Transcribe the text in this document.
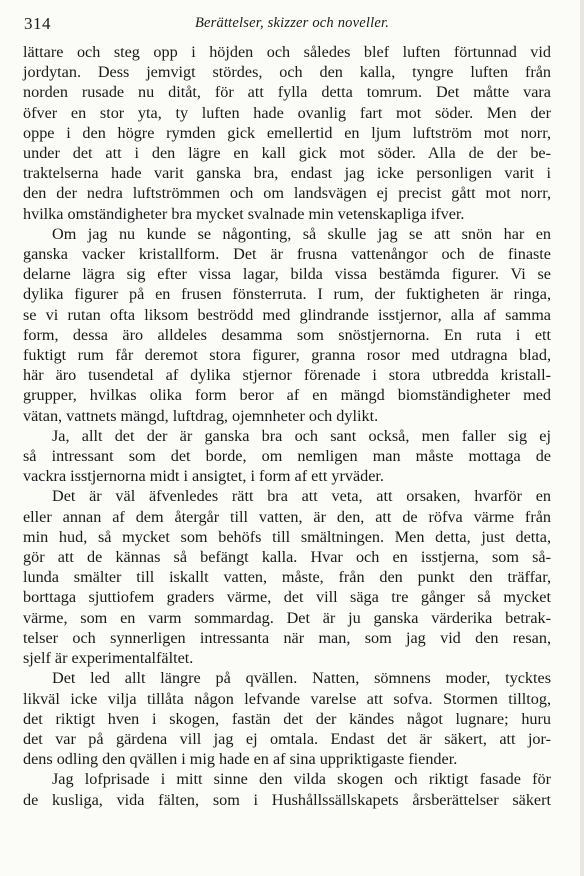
314	Berättelser, skizzer och noveller.
lättare och steg opp i höjden och således blef luften förtunnad vid
jordytan. Dess jemvigt stördes, och den kalla, tyngre luften från
norden rusade nu ditåt, för att fylla detta tomrum. Det måtte vara
öfver en stor yta, ty luften hade ovanlig fart mot söder. Men der
oppe i den högre rymden gick emellertid en ljum luftström mot norr,
under det att i den lägre en kall gick mot söder. Alla de der be-
traktelserna hade varit ganska bra, endast jag icke personligen varit i
den der nedra luftströmmen och om landsvägen ej precist gått mot norr,
hvilka omständigheter bra mycket svalnade min vetenskapliga ifver.
Om jag nu kunde se någonting, så skulle jag se att snön har en
ganska vacker kristallform. Det är frusna vattenångor och de finaste
delarne lägra sig efter vissa lagar, bilda vissa bestämda figurer. Vi se
dylika figurer på en frusen fönsterruta. I rum, der fuktigheten är ringa,
se vi rutan ofta liksom beströdd med glindrande isstjernor, alla af samma
form, dessa äro alldeles desamma som snöstjernorna. En ruta i ett
fuktigt rum får deremot stora figurer, granna rosor med utdragna blad,
här äro tusendetal af dylika stjernor förenade i stora utbredda kristall-
grupper, hvilkas olika form beror af en mängd biomständigheter med
vätan, vattnets mängd, luftdrag, ojemnheter och dylikt.
Ja, allt det der är ganska bra och sant också, men faller sig ej
så intressant som det borde, om nemligen man måste mottaga de
vackra isstjernorna midt i ansigtet, i form af ett yrväder.
Det är väl äfvenledes rätt bra att veta, att orsaken, hvarför en
eller annan af dem återgår till vatten, är den, att de röfva värme från
min hud, så mycket som behöfs till smältningen. Men detta, just detta,
gör att de kännas så befängt kalla. Hvar och en isstjerna, som så-
lunda smälter till iskallt vatten, måste, från den punkt den träffar,
borttaga sjuttiofem graders värme, det vill säga tre gånger så mycket
värme, som en varm sommardag. Det är ju ganska värderika betrak-
telser och synnerligen intressanta när man, som jag vid den resan,
sjelf är experimentalfältet.
Det led allt längre på qvällen. Natten, sömnens moder, tycktes
likväl icke vilja tillåta någon lefvande varelse att sofva. Stormen tilltog,
det riktigt hven i skogen, fastän det der kändes något lugnare; huru
det var på gärdena vill jag ej omtala. Endast det är säkert, att jor-
dens odling den qvällen i mig hade en af sina uppriktigaste fiender.
Jag lofprisade i mitt sinne den vilda skogen och riktigt fasade för
de kusliga, vida fälten, som i Hushållssällskapets årsberättelser säkert
